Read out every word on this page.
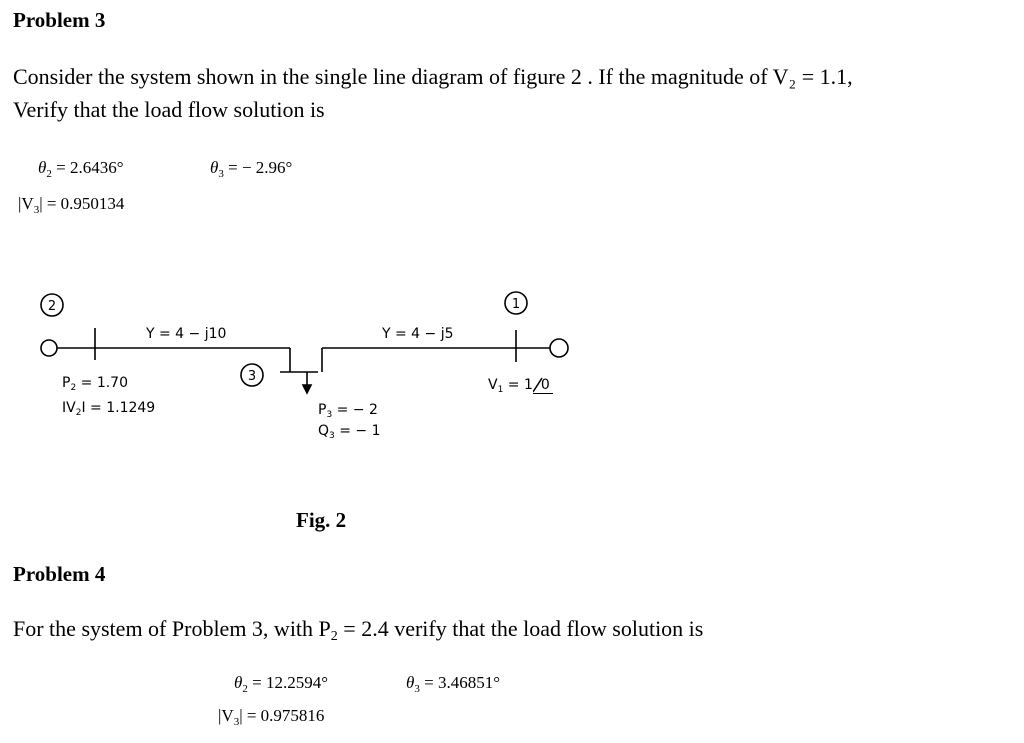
Problem 3
Consider the system shown in the single line diagram of figure 2 . If the magnitude of V₂ = 1.1,
Verify that the load flow solution is
$\theta_2 = 2.6436^\circ$	$\theta_3$ = − 2.96°
$|V_3| = 0.950134$
2
3
1
Y = 4 − j10	Y = 4 − j5
$P_2 = 1.70$
$IV_2I = 1.1249$	$P_3$ = − 2
$Q_3$ = − 1
$V_1 = 1$ 0
Fig. 2
Problem 4
For the system of Problem 3, with P2 = 2.4 verify that the load flow solution is
$\theta_2 = 12.2594^\circ$	$\theta_3 = 3.46851^\circ$
$|V_3| = 0.975816$
